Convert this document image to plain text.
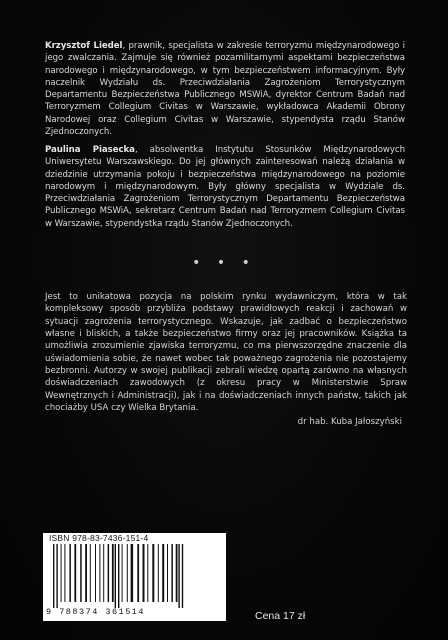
Krzysztof Liedel, prawnik, specjalista w zakresie terroryzmu międzynarodowego i jego zwalczania. Zajmuje się również pozamilitarnymi aspektami bezpieczeństwa narodowego i międzynarodowego, w tym bezpieczeństwem informacyjnym. Były naczelnik Wydziału ds. Przeciwdziałania Zagrożeniom Terrorystycznym Departamentu Bezpieczeństwa Publicznego MSWiA, dyrektor Centrum Badań nad Terroryzmem Collegium Civitas w Warszawie, wykładowca Akademii Obrony Narodowej oraz Collegium Civitas w Warszawie, stypendysta rządu Stanów Zjednoczonych.
Paulina Piasecka, absolwentka Instytutu Stosunków Międzynarodowych Uniwersytetu Warszawskiego. Do jej głównych zainteresowań należą działania w dziedzinie utrzymania pokoju i bezpieczeństwa międzynarodowego na poziomie narodowym i międzynarodowym. Były główny specjalista w Wydziale ds. Przeciwdziałania Zagrożeniom Terrorystycznym Departamentu Bezpieczeństwa Publicznego MSWiA, sekretarz Centrum Badań nad Terroryzmem Collegium Civitas w Warszawie, stypendystka rządu Stanów Zjednoczonych.
• • •
Jest to unikatowa pozycja na polskim rynku wydawniczym, która w tak kompleksowy sposób przybliża podstawy prawidłowych reakcji i zachowań w sytuacji zagrożenia terrorystycznego. Wskazuje, jak zadbać o bezpieczeństwo własne i bliskich, a także bezpieczeństwo firmy oraz jej pracowników. Książka ta umożliwia zrozumienie zjawiska terroryzmu, co ma pierwszorzędne znaczenie dla uświadomienia sobie, że nawet wobec tak poważnego zagrożenia nie pozostajemy bezbronni. Autorzy w swojej publikacji zebrali wiedzę opartą zarówno na własnych doświadczeniach zawodowych (z okresu pracy w Ministerstwie Spraw Wewnętrznych i Administracji), jak i na doświadczeniach innych państw, takich jak chociażby USA czy Wielka Brytania.
dr hab. Kuba Jałoszyński
ISBN 978-83-7436-151-4
9 788374 361514	Cena 17 zł
